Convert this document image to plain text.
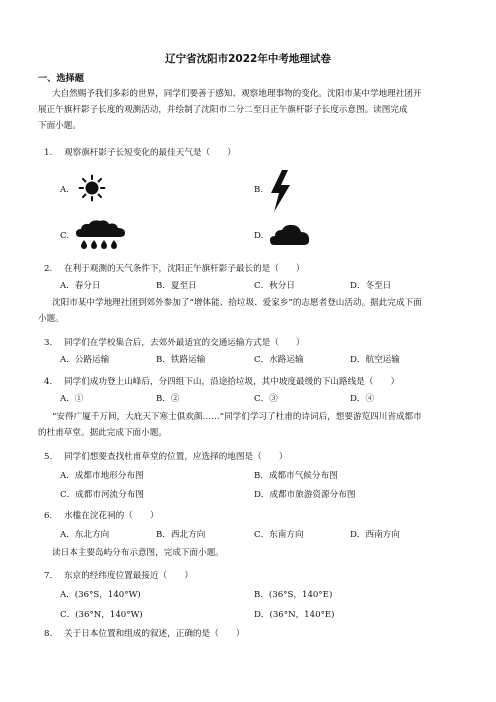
辽宁省沈阳市2022年中考地理试卷
一、选择题
大自然赐予我们多彩的世界，同学们要善于感知、观察地理事物的变化。沈阳市某中学地理社团开
展正午旗杆影子长度的观测活动，并绘制了沈阳市二分二至日正午旗杆影子长度示意图。读图完成
下面小题。
1. 观察旗杆影子长短变化的最佳天气是（　　）
A.	B.
C.	D.
2. 在利于观测的天气条件下，沈阳正午旗杆影子最长的是（　　）
A．春分日	B．夏至日	C．秋分日	D．冬至日
沈阳市某中学地理社团到郊外参加了“增体能、拾垃圾、爱家乡”的志愿者登山活动。据此完成下面
小题。
3. 同学们在学校集合后，去郊外最适宜的交通运输方式是（　　）
A．公路运输	B．铁路运输	C．水路运输	D．航空运输
4. 同学们成功登上山峰后，分四组下山，沿途拾垃圾，其中坡度最缓的下山路线是（　　）
A．①	B．②	C．③	D．④
“安得广厦千万间，大庇天下寒士俱欢颜……”同学们学习了杜甫的诗词后，想要游览四川省成都市
的杜甫草堂。据此完成下面小题。
5. 同学们想要查找杜甫草堂的位置，应选择的地图是（　　）
A．成都市地形分布图	B．成都市气候分布图
C．成都市河流分布图	D．成都市旅游资源分布图
6. 水槛在浣花祠的（　　）
A．东北方向	B．西北方向	C．东南方向	D．西南方向
读日本主要岛屿分布示意图，完成下面小题。
7. 东京的经纬度位置最接近（　　）
A．(36°S，140°W)	B．(36°S，140°E)
C．(36°N，140°W)	D．(36°N，140°E)
8. 关于日本位置和组成的叙述，正确的是（　　）
